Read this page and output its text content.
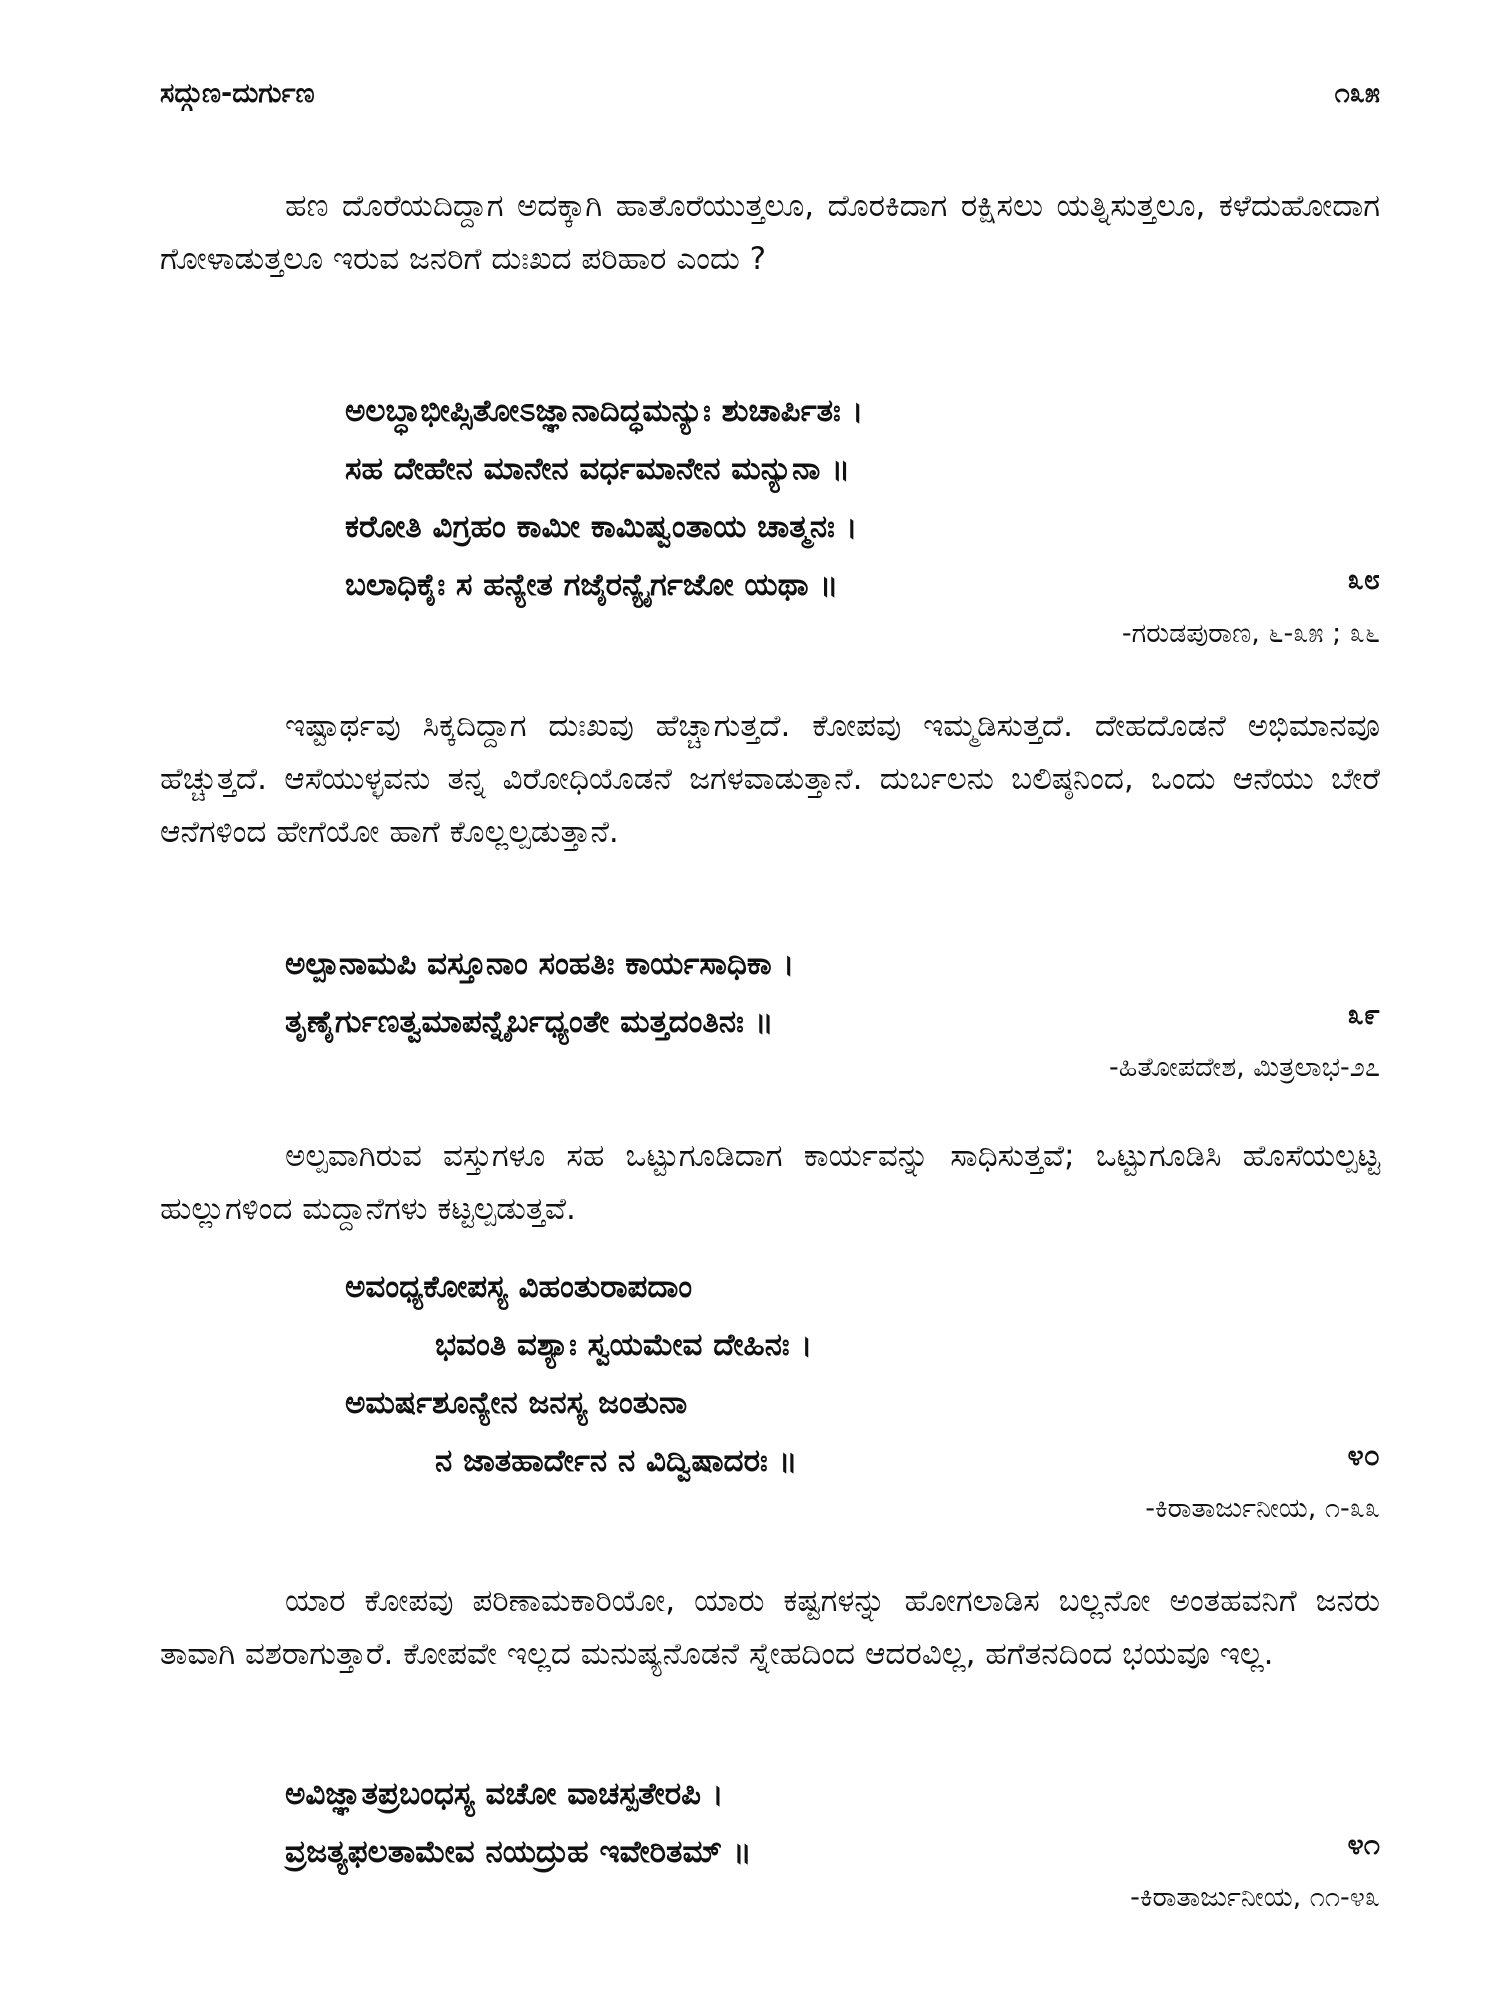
ಸದ್ಗುಣ-ದುರ್ಗುಣ	೧೩೫

ಹಣ ದೊರೆಯದಿದ್ದಾಗ ಅದಕ್ಕಾಗಿ ಹಾತೊರೆಯುತ್ತಲೂ, ದೊರಕಿದಾಗ ರಕ್ಷಿಸಲು ಯತ್ನಿಸುತ್ತಲೂ, ಕಳೆದುಹೋದಾಗ ಗೋಳಾಡುತ್ತಲೂ ಇರುವ ಜನರಿಗೆ ದುಃಖದ ಪರಿಹಾರ ಎಂದು ?

ಅಲಬ್ಧಾಭೀಪ್ಸಿತೋಽಜ್ಞಾನಾದಿದ್ಧಮನ್ಯುಃ ಶುಚಾರ್ಪಿತಃ ।
ಸಹ ದೇಹೇನ ಮಾನೇನ ವರ್ಧಮಾನೇನ ಮನ್ಯುನಾ ॥
ಕರೋತಿ ವಿಗ್ರಹಂ ಕಾಮೀ ಕಾಮಿಷ್ವಂತಾಯ ಚಾತ್ಮನಃ ।
ಬಲಾಧಿಕೈಃ ಸ ಹನ್ಯೇತ ಗಜೈರನ್ಯೈರ್ಗಜೋ ಯಥಾ ॥	೩೮
-ಗರುಡಪುರಾಣ, ೬-೩೫ ; ೩೬

ಇಷ್ಟಾರ್ಥವು ಸಿಕ್ಕದಿದ್ದಾಗ ದುಃಖವು ಹೆಚ್ಚಾಗುತ್ತದೆ. ಕೋಪವು ಇಮ್ಮಡಿಸುತ್ತದೆ. ದೇಹದೊಡನೆ ಅಭಿಮಾನವೂ ಹೆಚ್ಚುತ್ತದೆ. ಆಸೆಯುಳ್ಳವನು ತನ್ನ ವಿರೋಧಿಯೊಡನೆ ಜಗಳವಾಡುತ್ತಾನೆ. ದುರ್ಬಲನು ಬಲಿಷ್ಠನಿಂದ, ಒಂದು ಆನೆಯು ಬೇರೆ ಆನೆಗಳಿಂದ ಹೇಗೆಯೋ ಹಾಗೆ ಕೊಲ್ಲಲ್ಪಡುತ್ತಾನೆ.

ಅಲ್ಪಾನಾಮಪಿ ವಸ್ತೂನಾಂ ಸಂಹತಿಃ ಕಾರ್ಯಸಾಧಿಕಾ ।
ತೃಣೈರ್ಗುಣತ್ವಮಾಪನ್ನೈರ್ಬಧ್ಯಂತೇ ಮತ್ತದಂತಿನಃ ॥	೩೯
-ಹಿತೋಪದೇಶ, ಮಿತ್ರಲಾಭ-೨೭

ಅಲ್ಪವಾಗಿರುವ ವಸ್ತುಗಳೂ ಸಹ ಒಟ್ಟುಗೂಡಿದಾಗ ಕಾರ್ಯವನ್ನು ಸಾಧಿಸುತ್ತವೆ; ಒಟ್ಟುಗೂಡಿಸಿ ಹೊಸೆಯಲ್ಪಟ್ಟ ಹುಲ್ಲುಗಳಿಂದ ಮದ್ದಾನೆಗಳು ಕಟ್ಟಲ್ಪಡುತ್ತವೆ.

ಅವಂಧ್ಯಕೋಪಸ್ಯ ವಿಹಂತುರಾಪದಾಂ
ಭವಂತಿ ವಶ್ಯಾಃ ಸ್ವಯಮೇವ ದೇಹಿನಃ ।
ಅಮರ್ಷಶೂನ್ಯೇನ ಜನಸ್ಯ ಜಂತುನಾ
ನ ಜಾತಹಾರ್ದೇನ ನ ವಿದ್ವಿಷಾದರಃ ॥	೪೦
-ಕಿರಾತಾರ್ಜುನೀಯ, ೧-೩೩

ಯಾರ ಕೋಪವು ಪರಿಣಾಮಕಾರಿಯೋ, ಯಾರು ಕಷ್ಟಗಳನ್ನು ಹೋಗಲಾಡಿಸ ಬಲ್ಲನೋ ಅಂತಹವನಿಗೆ ಜನರು ತಾವಾಗಿ ವಶರಾಗುತ್ತಾರೆ. ಕೋಪವೇ ಇಲ್ಲದ ಮನುಷ್ಯನೊಡನೆ ಸ್ನೇಹದಿಂದ ಆದರವಿಲ್ಲ, ಹಗೆತನದಿಂದ ಭಯವೂ ಇಲ್ಲ.

ಅವಿಜ್ಞಾತಪ್ರಬಂಧಸ್ಯ ವಚೋ ವಾಚಸ್ಪತೇರಪಿ ।
ವ್ರಜತ್ಯಫಲತಾಮೇವ ನಯದ್ರುಹ ಇವೇರಿತಮ್ ॥	೪೧
-ಕಿರಾತಾರ್ಜುನೀಯ, ೧೧-೪೩
